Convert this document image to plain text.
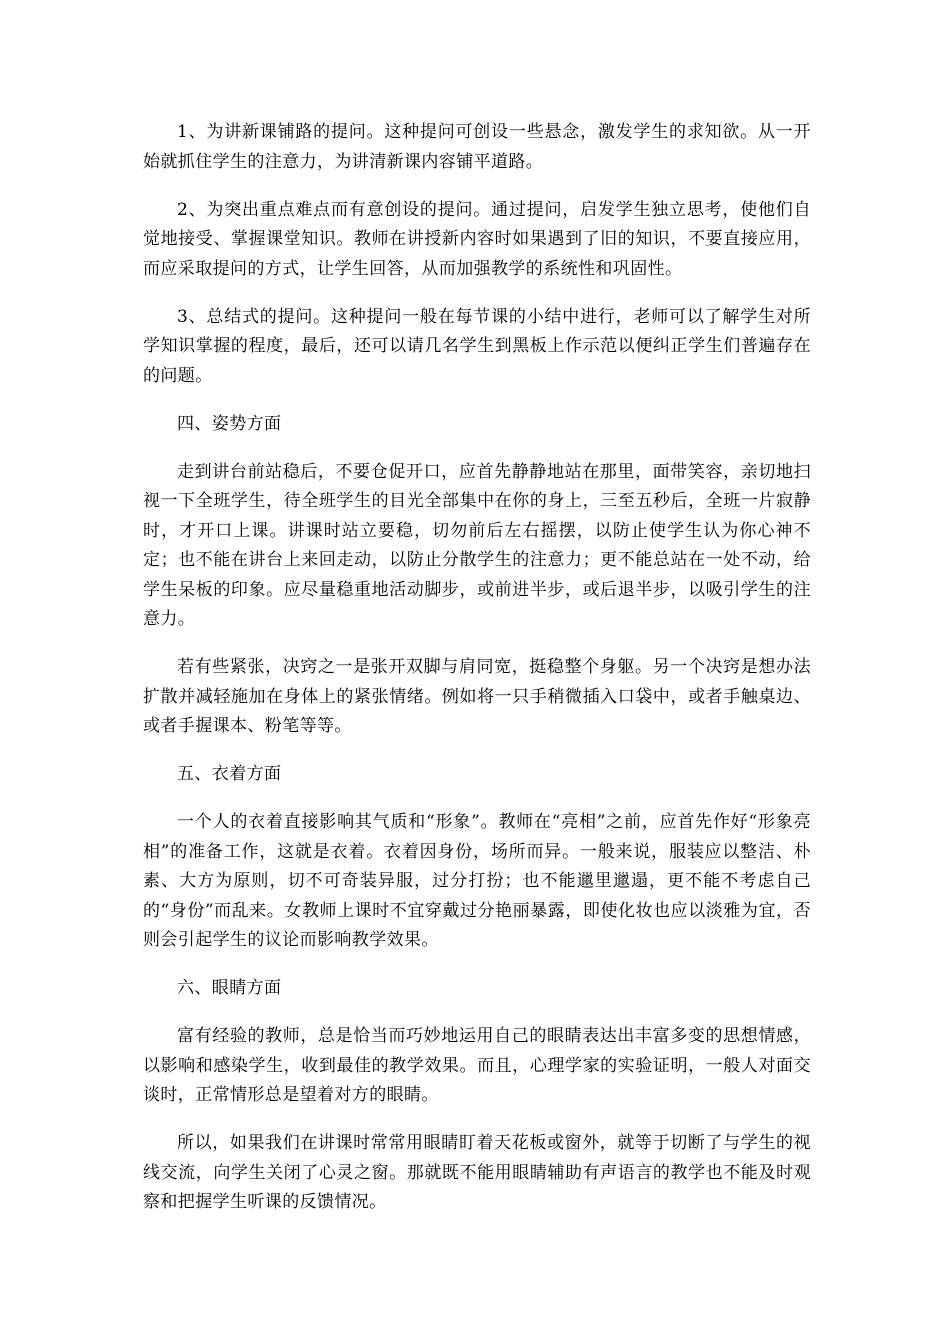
1、为讲新课铺路的提问。这种提问可创设一些悬念，激发学生的求知欲。从一开始就抓住学生的注意力，为讲清新课内容铺平道路。

2、为突出重点难点而有意创设的提问。通过提问，启发学生独立思考，使他们自觉地接受、掌握课堂知识。教师在讲授新内容时如果遇到了旧的知识，不要直接应用，而应采取提问的方式，让学生回答，从而加强教学的系统性和巩固性。

3、总结式的提问。这种提问一般在每节课的小结中进行，老师可以了解学生对所学知识掌握的程度，最后，还可以请几名学生到黑板上作示范以便纠正学生们普遍存在的问题。

四、姿势方面

走到讲台前站稳后，不要仓促开口，应首先静静地站在那里，面带笑容，亲切地扫视一下全班学生，待全班学生的目光全部集中在你的身上，三至五秒后，全班一片寂静时，才开口上课。讲课时站立要稳，切勿前后左右摇摆，以防止使学生认为你心神不定；也不能在讲台上来回走动，以防止分散学生的注意力；更不能总站在一处不动，给学生呆板的印象。应尽量稳重地活动脚步，或前进半步，或后退半步，以吸引学生的注意力。

若有些紧张，决窍之一是张开双脚与肩同宽，挺稳整个身躯。另一个决窍是想办法扩散并减轻施加在身体上的紧张情绪。例如将一只手稍微插入口袋中，或者手触桌边、或者手握课本、粉笔等等。

五、衣着方面

一个人的衣着直接影响其气质和“形象”。教师在“亮相”之前，应首先作好“形象亮相”的准备工作，这就是衣着。衣着因身份，场所而异。一般来说，服装应以整洁、朴素、大方为原则，切不可奇装异服，过分打扮；也不能邋里邋遢，更不能不考虑自己的“身份”而乱来。女教师上课时不宜穿戴过分艳丽暴露，即使化妆也应以淡雅为宜，否则会引起学生的议论而影响教学效果。

六、眼睛方面

富有经验的教师，总是恰当而巧妙地运用自己的眼睛表达出丰富多变的思想情感，以影响和感染学生，收到最佳的教学效果。而且，心理学家的实验证明，一般人对面交谈时，正常情形总是望着对方的眼睛。

所以，如果我们在讲课时常常用眼睛盯着天花板或窗外，就等于切断了与学生的视线交流，向学生关闭了心灵之窗。那就既不能用眼睛辅助有声语言的教学也不能及时观察和把握学生听课的反馈情况。
